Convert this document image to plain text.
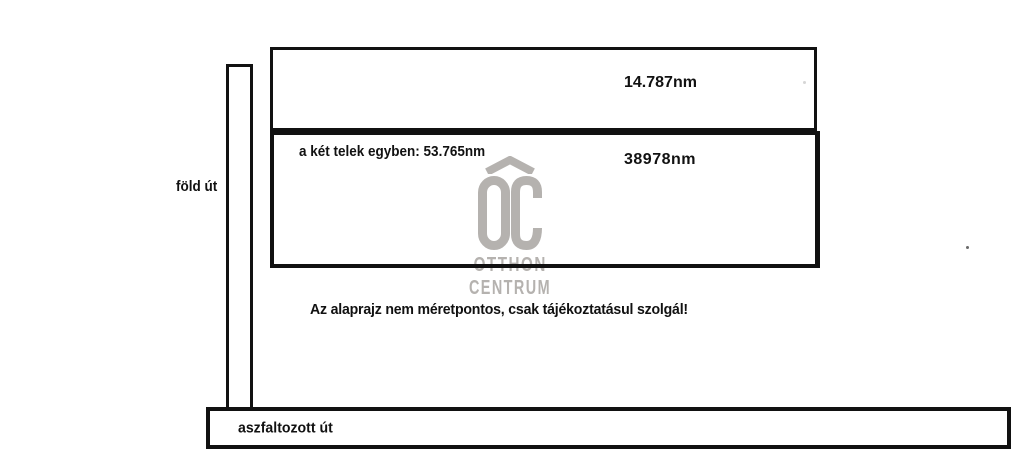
OTTHON
CENTRUM
föld út
14.787nm
a két telek egyben: 53.765nm	38978nm
Az alaprajz nem méretpontos, csak tájékoztatásul szolgál!
aszfaltozott út
